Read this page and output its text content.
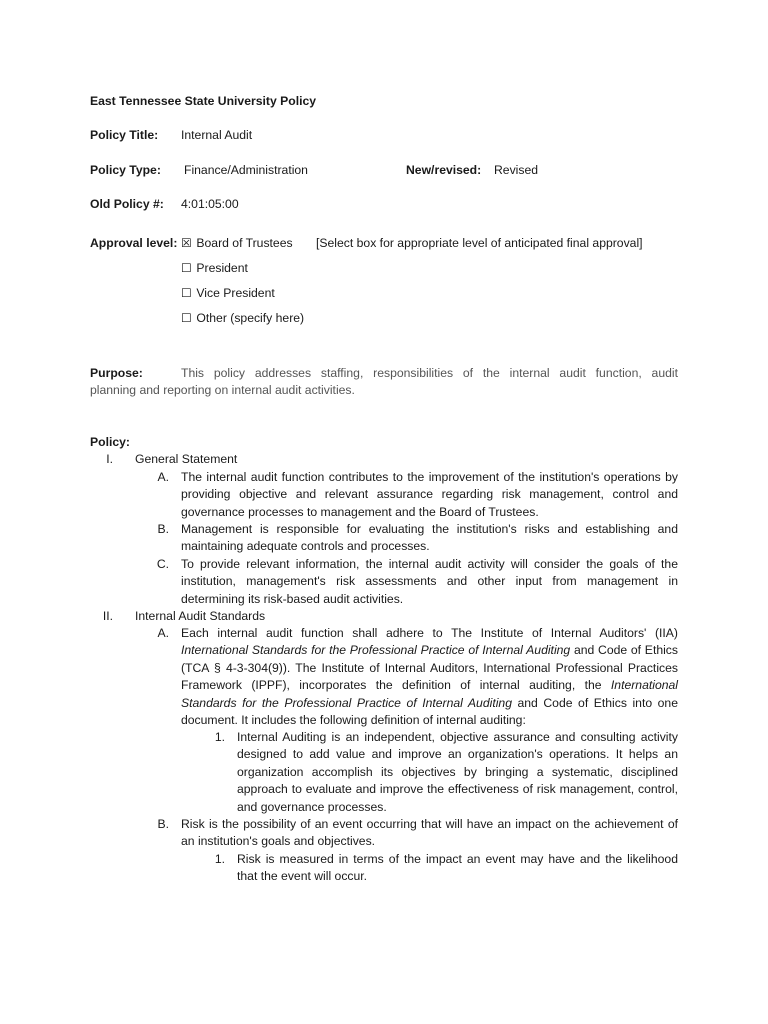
East Tennessee State University Policy
Policy Title: Internal Audit
Policy Type: Finance/Administration	New/revised: Revised
Old Policy #: 4:01:05:00
Approval level: ☒ Board of Trustees [Select box for appropriate level of anticipated final approval]
☐ President
☐ Vice President
☐ Other (specify here)
Purpose:	This policy addresses staffing, responsibilities of the internal audit function, audit
planning and reporting on internal audit activities.
Policy:
I. General Statement
A. The internal audit function contributes to the improvement of the institution's operations by providing objective and relevant assurance regarding risk management, control and governance processes to management and the Board of Trustees.
B. Management is responsible for evaluating the institution's risks and establishing and maintaining adequate controls and processes.
C. To provide relevant information, the internal audit activity will consider the goals of the institution, management's risk assessments and other input from management in determining its risk-based audit activities.
II. Internal Audit Standards
A. Each internal audit function shall adhere to The Institute of Internal Auditors' (IIA) International Standards for the Professional Practice of Internal Auditing and Code of Ethics (TCA § 4-3-304(9)). The Institute of Internal Auditors, International Professional Practices Framework (IPPF), incorporates the definition of internal auditing, the International Standards for the Professional Practice of Internal Auditing and Code of Ethics into one document. It includes the following definition of internal auditing:
1. Internal Auditing is an independent, objective assurance and consulting activity designed to add value and improve an organization's operations. It helps an organization accomplish its objectives by bringing a systematic, disciplined approach to evaluate and improve the effectiveness of risk management, control, and governance processes.
B. Risk is the possibility of an event occurring that will have an impact on the achievement of an institution's goals and objectives.
1. Risk is measured in terms of the impact an event may have and the likelihood that the event will occur.
